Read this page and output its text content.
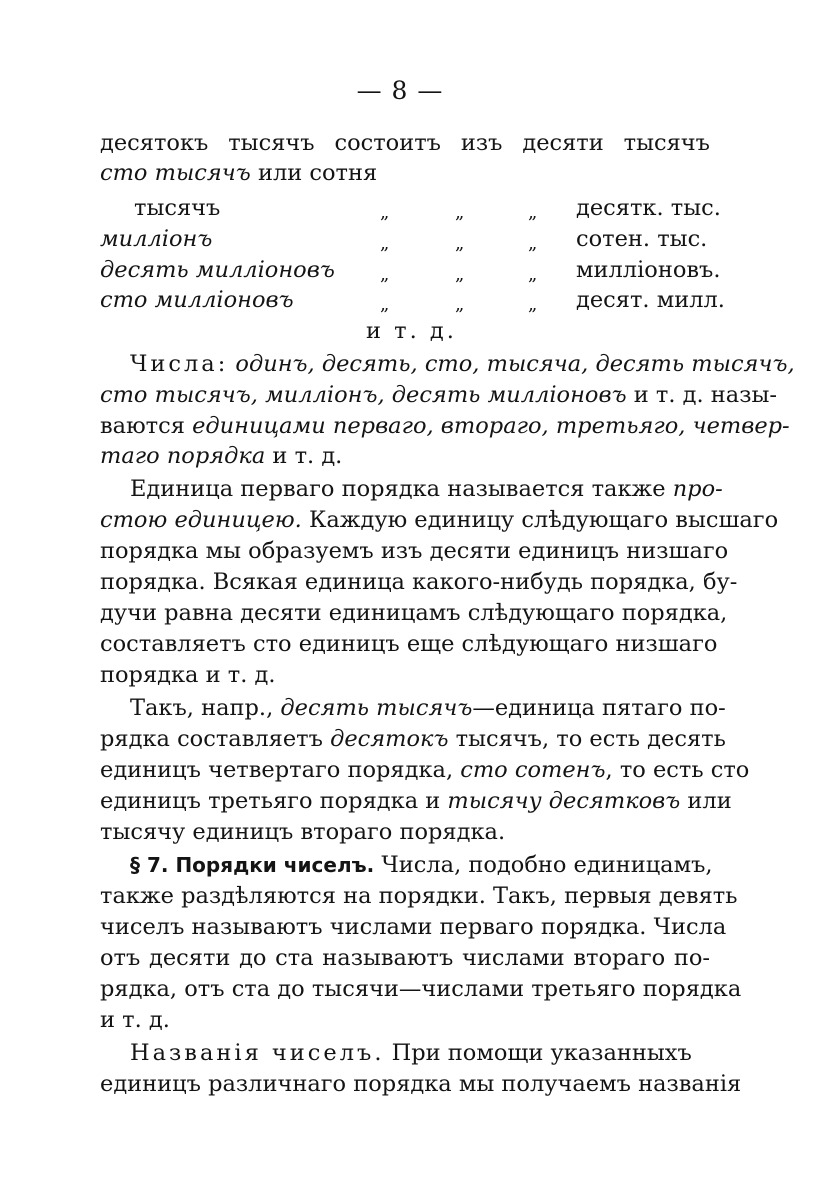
— 8 —
десятокъ тысячъ состоитъ изъ десяти тысячъ
сто тысячъ или сотня
тысячъ	„	„	„ десятк. тыс.
милліонъ	„	„	„ сотен. тыс.
десять милліоновъ	„	„	„ милліоновъ.
сто милліоновъ	„	„	„ десят. милл.
и т. д.
Числа: одинъ, десять, сто, тысяча, десять тысячъ,
сто тысячъ, милліонъ, десять милліоновъ и т. д. назы-
ваются единицами перваго, втораго, третьяго, четвер-
таго порядка и т. д.
Единица перваго порядка называется также про-
стою единицею. Каждую единицу слѣдующаго высшаго
порядка мы образуемъ изъ десяти единицъ низшаго
порядка. Всякая единица какого-нибудь порядка, бу-
дучи равна десяти единицамъ слѣдующаго порядка,
составляетъ сто единицъ еще слѣдующаго низшаго
порядка и т. д.
Такъ, напр., десять тысячъ—единица пятаго по-
рядка составляетъ десятокъ тысячъ, то есть десять
единицъ четвертаго порядка, сто сотенъ, то есть сто
единицъ третьяго порядка и тысячу десятковъ или
тысячу единицъ втораго порядка.
§ 7. Порядки чиселъ. Числа, подобно единицамъ,
также раздѣляются на порядки. Такъ, первыя девять
чиселъ называютъ числами перваго порядка. Числа
отъ десяти до ста называютъ числами втораго по-
рядка, отъ ста до тысячи—числами третьяго порядка
и т. д.
Названія чиселъ. При помощи указанныхъ
единицъ различнаго порядка мы получаемъ названія
